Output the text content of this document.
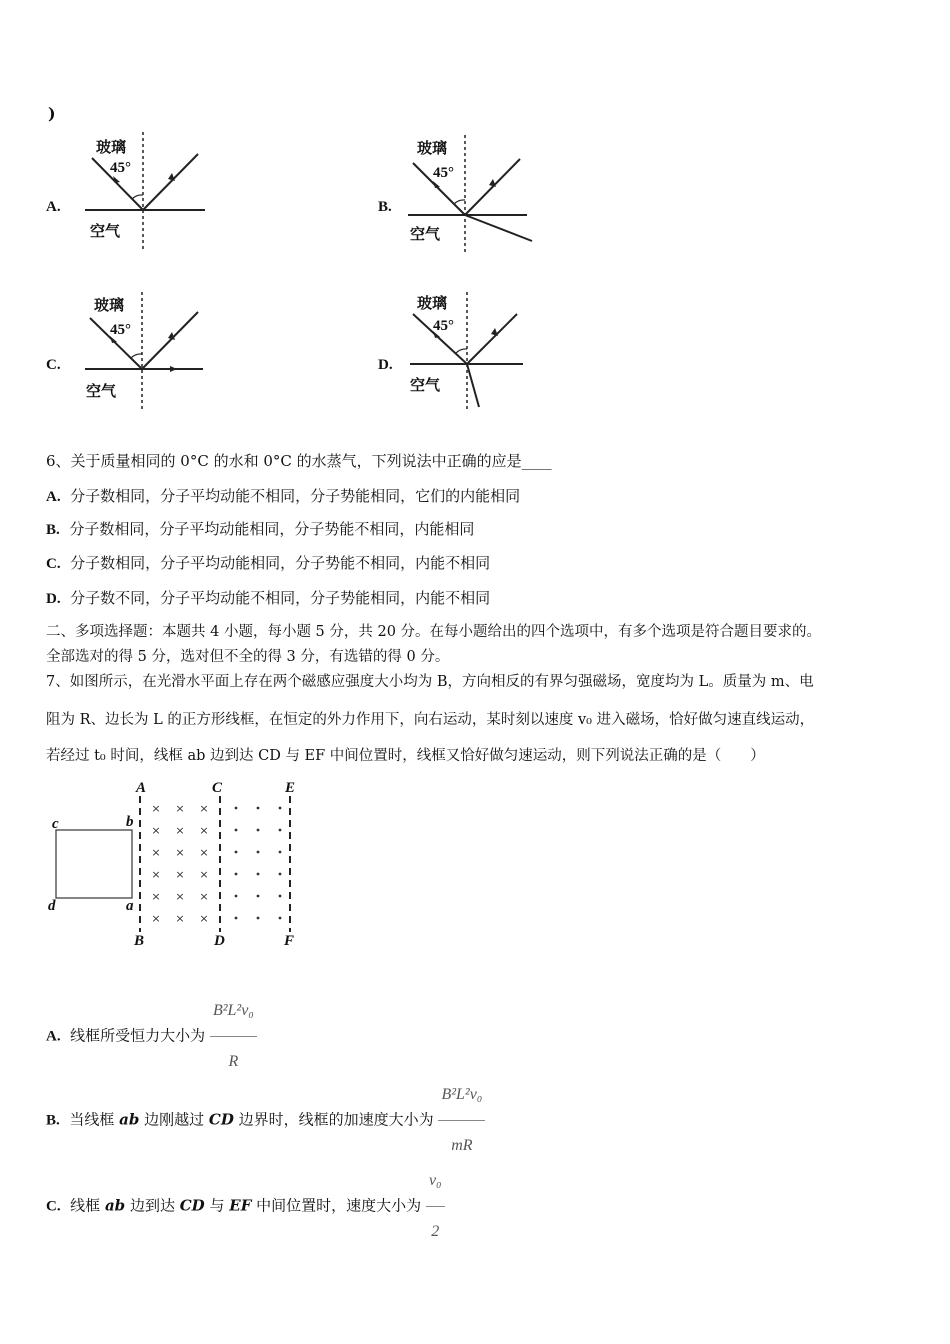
)
A.	B.
C.	D.
玻璃
45°
空气
玻璃
45°
空气
玻璃
45°
空气
玻璃
45°
空气
6、关于质量相同的 0°C 的水和 0°C 的水蒸气，下列说法中正确的应是____
A. 分子数相同，分子平均动能不相同，分子势能相同，它们的内能相同
B. 分子数相同，分子平均动能相同，分子势能不相同，内能相同
C. 分子数相同，分子平均动能相同，分子势能不相同，内能不相同
D. 分子数不同，分子平均动能不相同，分子势能相同，内能不相同
二、多项选择题：本题共 4 小题，每小题 5 分，共 20 分。在每小题给出的四个选项中，有多个选项是符合题目要求的。
全部选对的得 5 分，选对但不全的得 3 分，有选错的得 0 分。
7、如图所示，在光滑水平面上存在两个磁感应强度大小均为 B，方向相反的有界匀强磁场，宽度均为 L。质量为 m、电
阻为 R、边长为 L 的正方形线框，在恒定的外力作用下，向右运动，某时刻以速度 v₀ 进入磁场，恰好做匀速直线运动，
若经过 t₀ 时间，线框 ab 边到达 CD 与 EF 中间位置时，线框又恰好做匀速运动，则下列说法正确的是（　　）
× × ×
× × ×
× × ×
× × ×
× × ×
× × ×
A	C	E
B	D	F
c	b
d	a
A. 线框所受恒力大小为 $\frac{\text{B²L²v₀}}{R}$
B. 当线框 ab 边刚越过 CD 边界时，线框的加速度大小为 $\frac{\text{B²L²v₀}}{mR}$
C. 线框 ab 边到达 CD 与 EF 中间位置时，速度大小为 $\frac{\text{v₀}}{2}$
